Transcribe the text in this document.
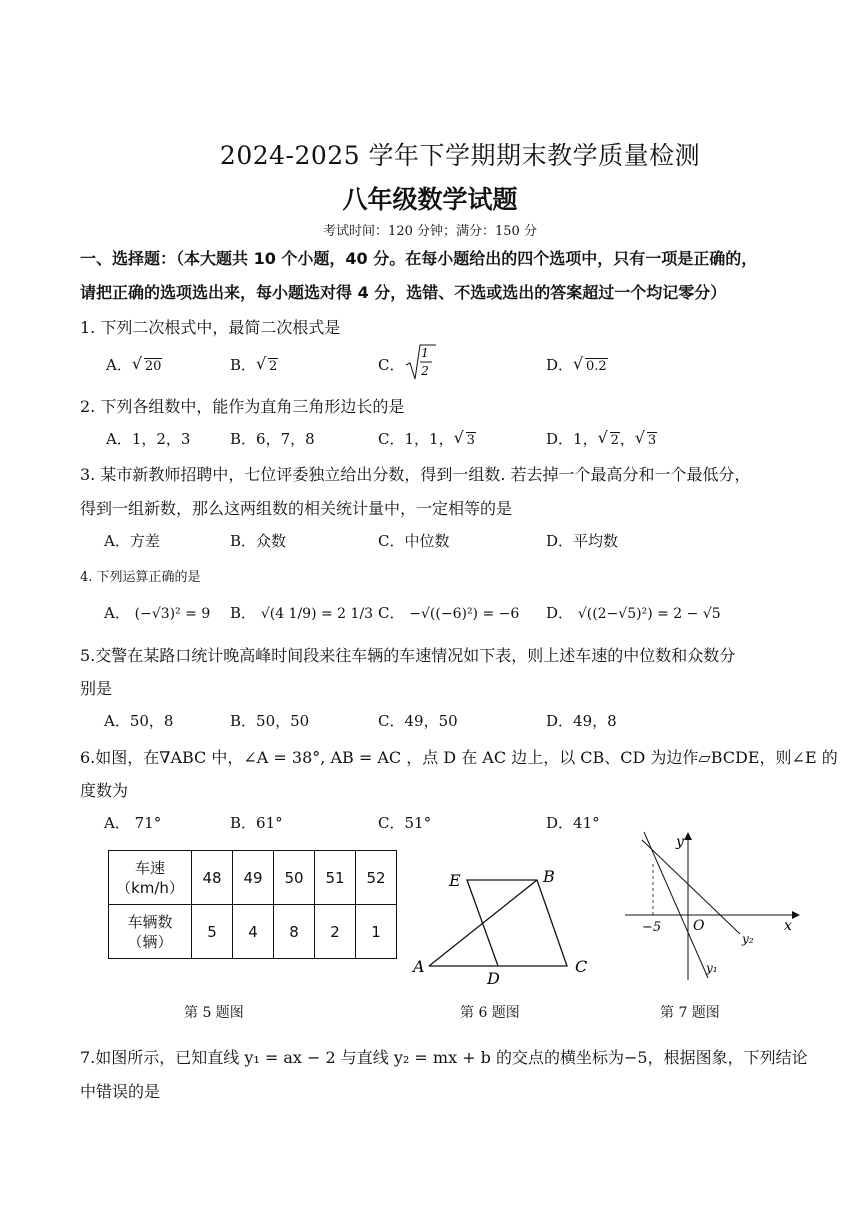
2024-2025 学年下学期期末教学质量检测
八年级数学试题
考试时间：120 分钟；满分：150 分
一、选择题：（本大题共 10 个小题，40 分。在每小题给出的四个选项中，只有一项是正确的，
请把正确的选项选出来，每小题选对得 4 分，选错、不选或选出的答案超过一个均记零分）
1. 下列二次根式中，最简二次根式是
A． √ 20	B． √ 2	C．
1
2	D． √ 0.2
2. 下列各组数中，能作为直角三角形边长的是
A．1，2，3	B．6，7，8	C．1，1， √ 3	D．1， √ 2， √ 3
3. 某市新教师招聘中，七位评委独立给出分数，得到一组数. 若去掉一个最高分和一个最低分，
得到一组新数，那么这两组数的相关统计量中，一定相等的是
A．方差	B．众数	C．中位数	D．平均数
4. 下列运算正确的是
A． (−√3)² = 9 B． √(4 1/9) = 2 1/3 C． −√((−6)²) = −6 D． √((2−√5)²) = 2 − √5
5.交警在某路口统计晚高峰时间段来往车辆的车速情况如下表，则上述车速的中位数和众数分
别是
A．50，8	B．50，50	C．49，50	D．49，8
6.如图，在∇ABC 中，∠A = 38°, AB = AC ，点 D 在 AC 边上，以 CB、CD 为边作▱BCDE，则∠E 的
度数为
A． 71°	B．61°	C．51°	D．41°
车速
（km/h）	48	49	50	51	52

车辆数
（辆）	5	4	8	2	1
E	B
A
D
C
y
x
O
−5
y₁
y₂
第 5 题图	第 6 题图	第 7 题图
7.如图所示，已知直线 y₁ = ax − 2 与直线 y₂ = mx + b 的交点的横坐标为−5，根据图象，下列结论
中错误的是
